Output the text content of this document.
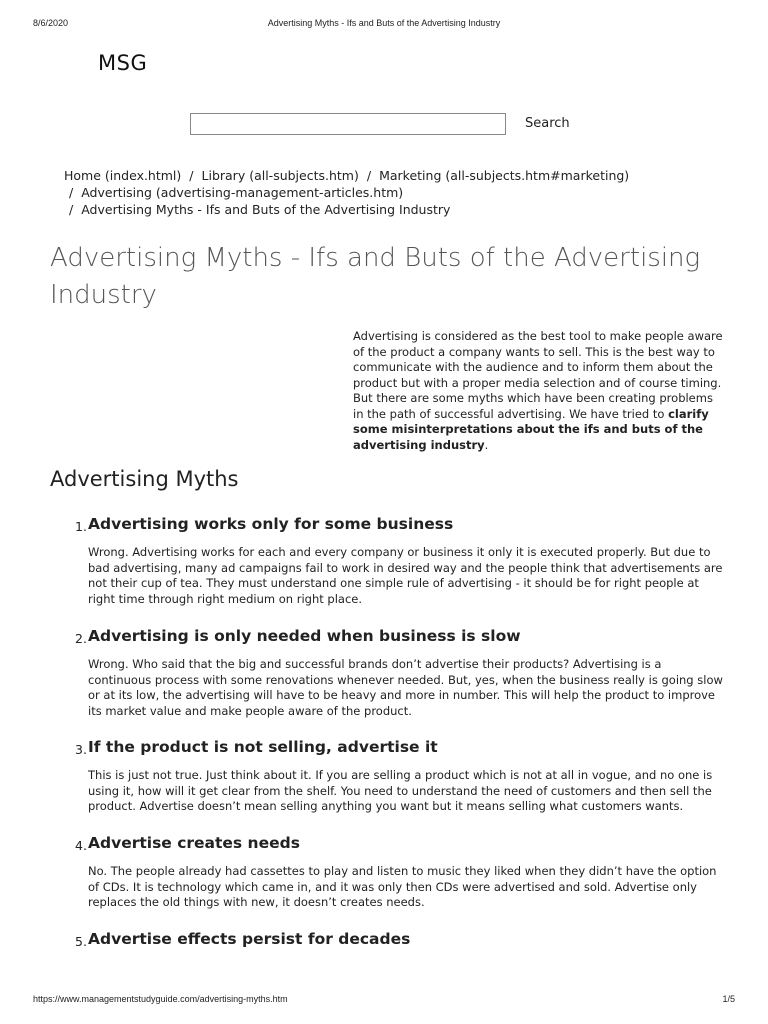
8/6/2020	Advertising Myths - Ifs and Buts of the Advertising Industry
MSG
Search
Home (index.html) / Library (all-subjects.htm) / Marketing (all-subjects.htm#marketing)
/ Advertising (advertising-management-articles.htm)
/ Advertising Myths - Ifs and Buts of the Advertising Industry
Advertising Myths - Ifs and Buts of the Advertising Industry

Advertising is considered as the best tool to make people aware of the product a company wants to sell. This is the best way to communicate with the audience and to inform them about the product but with a proper media selection and of course timing. But there are some myths which have been creating problems in the path of successful advertising. We have tried to clarify some misinterpretations about the ifs and buts of the advertising industry.

Advertising Myths
1. Advertising works only for some business

Wrong. Advertising works for each and every company or business it only it is executed properly. But due to bad advertising, many ad campaigns fail to work in desired way and the people think that advertisements are not their cup of tea. They must understand one simple rule of advertising - it should be for right people at right time through right medium on right place.

2. Advertising is only needed when business is slow

Wrong. Who said that the big and successful brands don’t advertise their products? Advertising is a continuous process with some renovations whenever needed. But, yes, when the business really is going slow or at its low, the advertising will have to be heavy and more in number. This will help the product to improve its market value and make people aware of the product.

3. If the product is not selling, advertise it

This is just not true. Just think about it. If you are selling a product which is not at all in vogue, and no one is using it, how will it get clear from the shelf. You need to understand the need of customers and then sell the product. Advertise doesn’t mean selling anything you want but it means selling what customers wants.

4. Advertise creates needs

No. The people already had cassettes to play and listen to music they liked when they didn’t have the option of CDs. It is technology which came in, and it was only then CDs were advertised and sold. Advertise only replaces the old things with new, it doesn’t creates needs.

5. Advertise effects persist for decades
https://www.managementstudyguide.com/advertising-myths.htm	1/5
